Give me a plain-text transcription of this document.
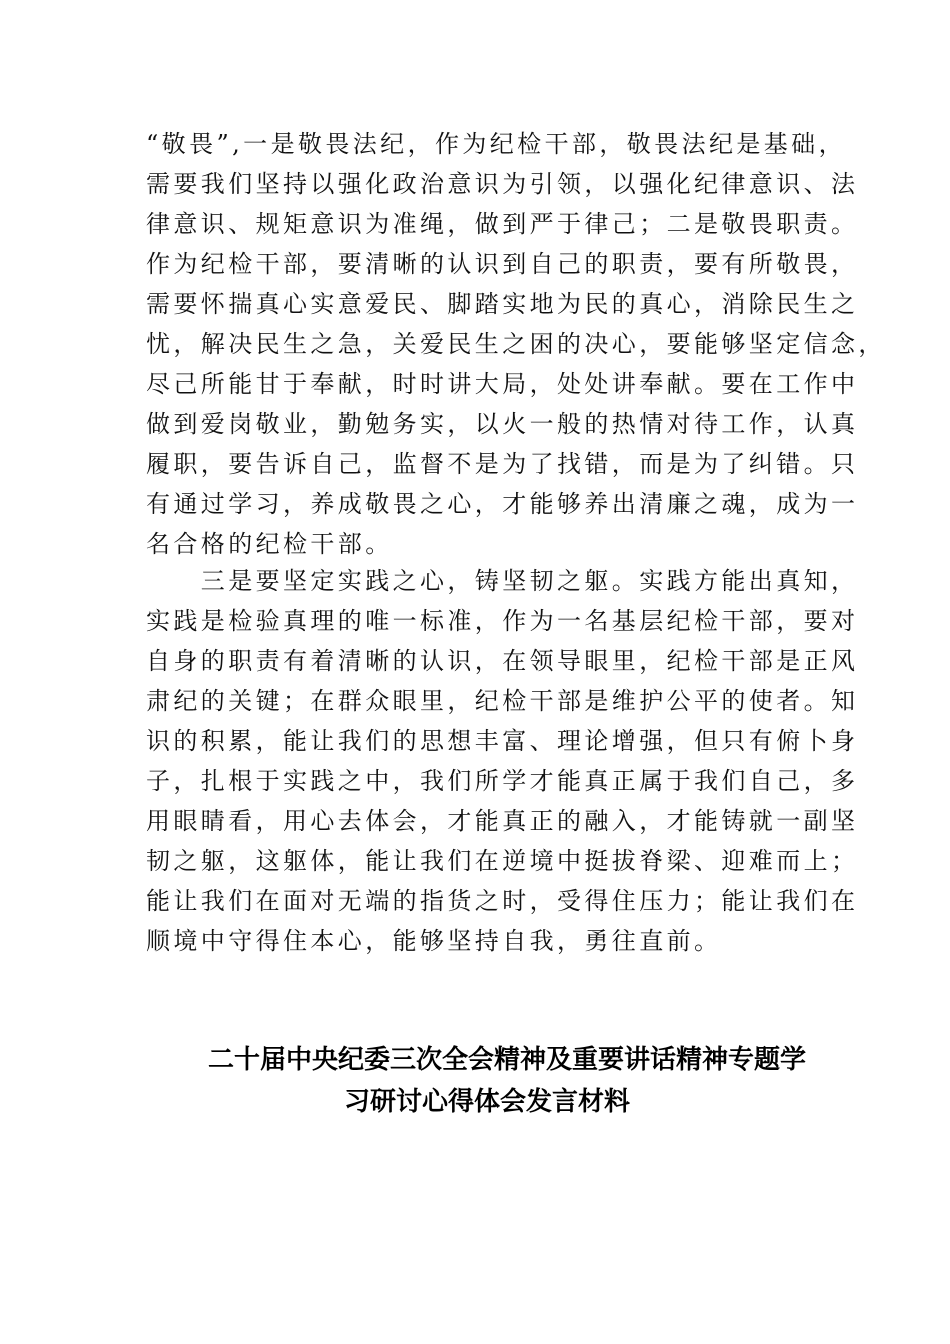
“敬畏”,一是敬畏法纪，作为纪检干部，敬畏法纪是基础，
需要我们坚持以强化政治意识为引领，以强化纪律意识、法
律意识、规矩意识为准绳，做到严于律己；二是敬畏职责。
作为纪检干部，要清晰的认识到自己的职责，要有所敬畏，
需要怀揣真心实意爱民、脚踏实地为民的真心，消除民生之
忧，解决民生之急，关爱民生之困的决心，要能够坚定信念，
尽己所能甘于奉献，时时讲大局，处处讲奉献。要在工作中
做到爱岗敬业，勤勉务实，以火一般的热情对待工作，认真
履职，要告诉自己，监督不是为了找错，而是为了纠错。只
有通过学习，养成敬畏之心，才能够养出清廉之魂，成为一
名合格的纪检干部。
　　三是要坚定实践之心，铸坚韧之躯。实践方能出真知，
实践是检验真理的唯一标准，作为一名基层纪检干部，要对
自身的职责有着清晰的认识，在领导眼里，纪检干部是正风
肃纪的关键；在群众眼里，纪检干部是维护公平的使者。知
识的积累，能让我们的思想丰富、理论增强，但只有俯卜身
子，扎根于实践之中，我们所学才能真正属于我们自己，多
用眼睛看，用心去体会，才能真正的融入，才能铸就一副坚
韧之躯，这躯体，能让我们在逆境中挺拔脊梁、迎难而上；
能让我们在面对无端的指货之时，受得住压力；能让我们在
顺境中守得住本心，能够坚持自我，勇往直前。
二十届中央纪委三次全会精神及重要讲话精神专题学
习研讨心得体会发言材料
